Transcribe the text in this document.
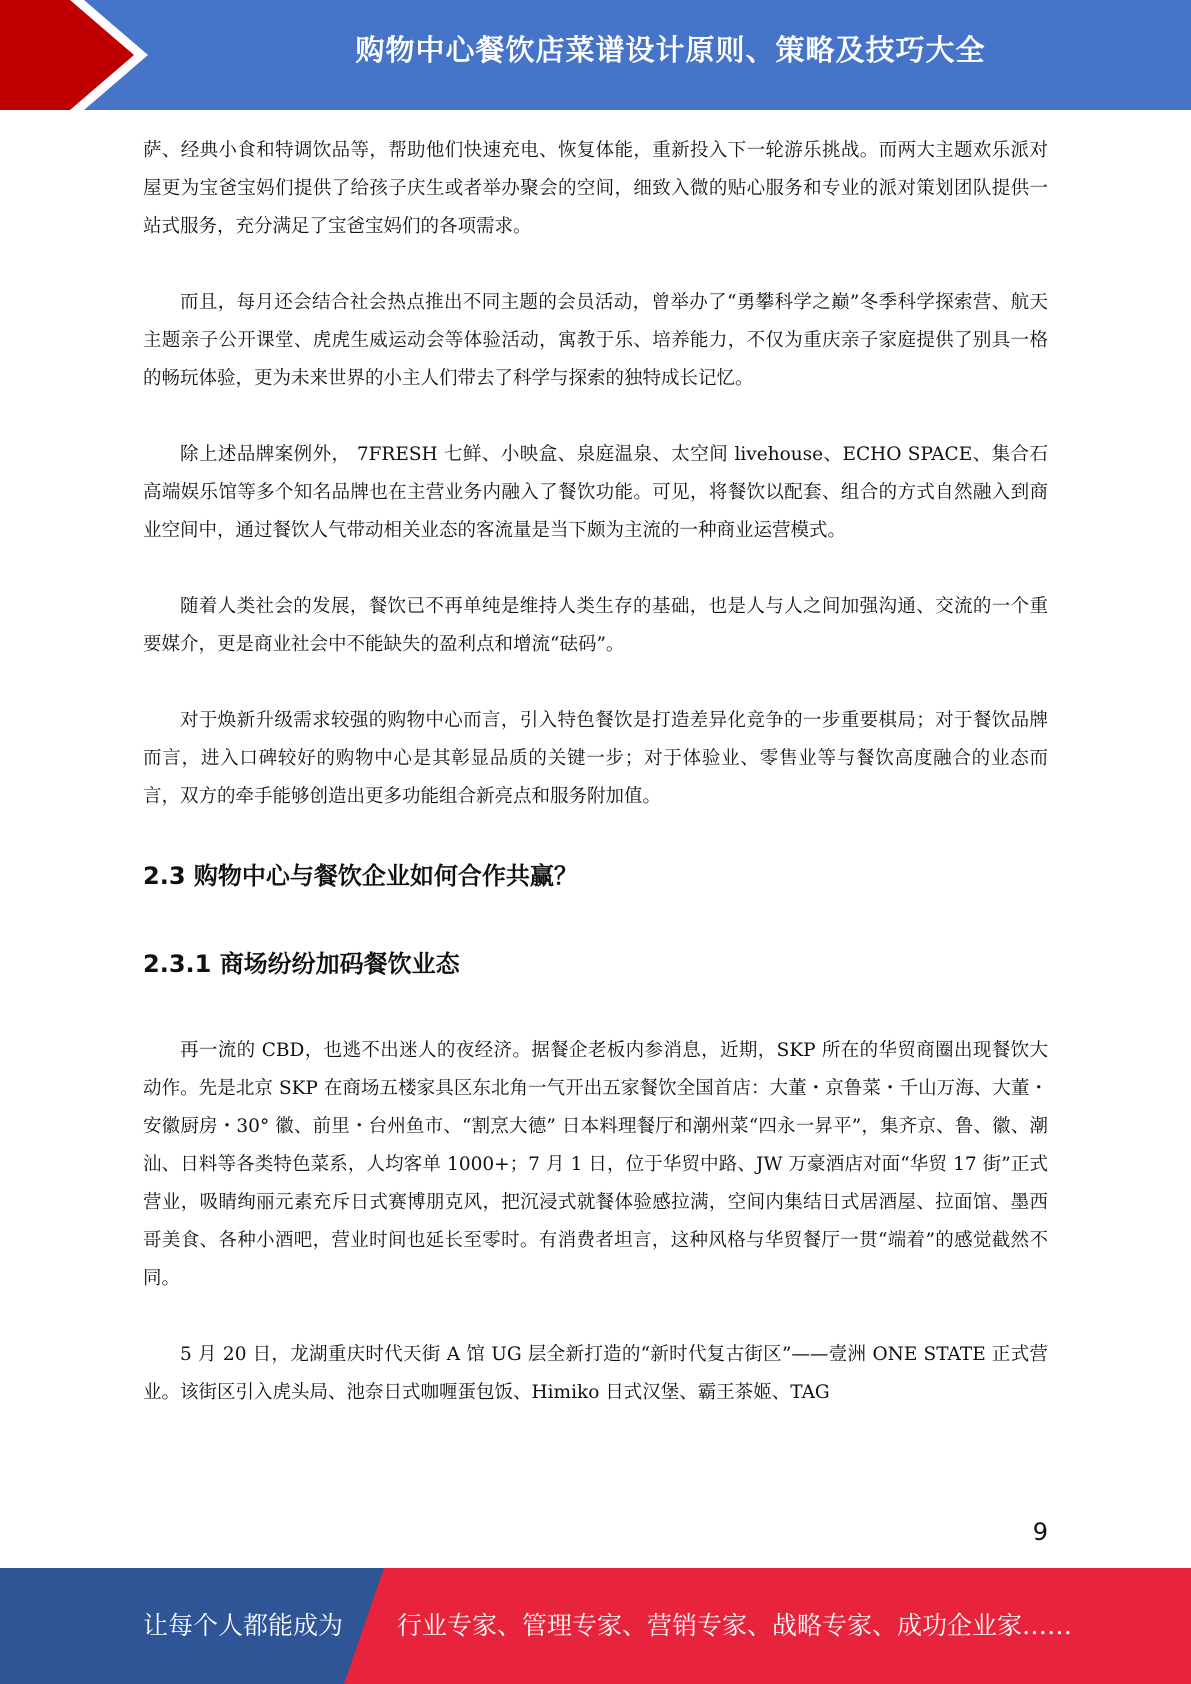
购物中心餐饮店菜谱设计原则、策略及技巧大全

萨、经典小食和特调饮品等，帮助他们快速充电、恢复体能，重新投入下一轮游乐挑战。而两大主题欢乐派对屋更为宝爸宝妈们提供了给孩子庆生或者举办聚会的空间，细致入微的贴心服务和专业的派对策划团队提供一站式服务，充分满足了宝爸宝妈们的各项需求。

而且，每月还会结合社会热点推出不同主题的会员活动，曾举办了“勇攀科学之巅”冬季科学探索营、航天主题亲子公开课堂、虎虎生威运动会等体验活动，寓教于乐、培养能力，不仅为重庆亲子家庭提供了别具一格的畅玩体验，更为未来世界的小主人们带去了科学与探索的独特成长记忆。

除上述品牌案例外， 7FRESH 七鲜、小映盒、泉庭温泉、太空间 livehouse、ECHO SPACE、集合石高端娱乐馆等多个知名品牌也在主营业务内融入了餐饮功能。可见，将餐饮以配套、组合的方式自然融入到商业空间中，通过餐饮人气带动相关业态的客流量是当下颇为主流的一种商业运营模式。

随着人类社会的发展，餐饮已不再单纯是维持人类生存的基础，也是人与人之间加强沟通、交流的一个重要媒介，更是商业社会中不能缺失的盈利点和增流“砝码”。

对于焕新升级需求较强的购物中心而言，引入特色餐饮是打造差异化竞争的一步重要棋局；对于餐饮品牌而言，进入口碑较好的购物中心是其彰显品质的关键一步；对于体验业、零售业等与餐饮高度融合的业态而言，双方的牵手能够创造出更多功能组合新亮点和服务附加值。

2.3 购物中心与餐饮企业如何合作共赢？
2.3.1 商场纷纷加码餐饮业态

再一流的 CBD，也逃不出迷人的夜经济。据餐企老板内参消息，近期，SKP 所在的华贸商圈出现餐饮大动作。先是北京 SKP 在商场五楼家具区东北角一气开出五家餐饮全国首店：大董・京鲁菜・千山万海、大董・安徽厨房・30° 徽、前里・台州鱼市、“割烹大德” 日本料理餐厅和潮州菜“四永一昇平”，集齐京、鲁、徽、潮汕、日料等各类特色菜系，人均客单 1000+；7 月 1 日，位于华贸中路、JW 万豪酒店对面“华贸 17 街”正式营业，吸睛绚丽元素充斥日式赛博朋克风，把沉浸式就餐体验感拉满，空间内集结日式居酒屋、拉面馆、墨西哥美食、各种小酒吧，营业时间也延长至零时。有消费者坦言，这种风格与华贸餐厅一贯“端着”的感觉截然不同。

5 月 20 日，龙湖重庆时代天街 A 馆 UG 层全新打造的“新时代复古街区”——壹洲 ONE STATE 正式营业。该街区引入虎头局、池奈日式咖喱蛋包饭、Himiko 日式汉堡、霸王茶姬、TAG

9
让每个人都能成为 行业专家、管理专家、营销专家、战略专家、成功企业家……
